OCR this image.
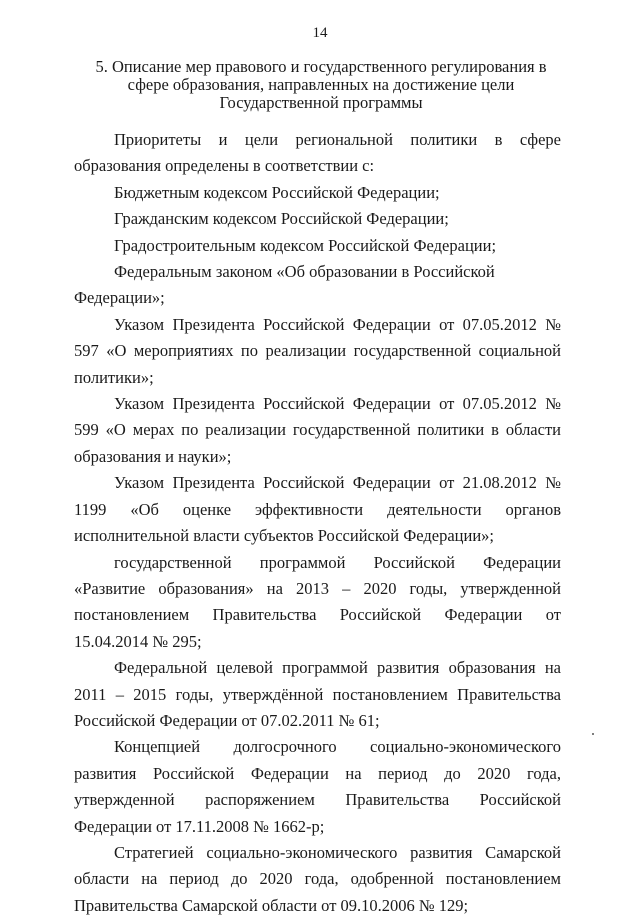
14
5. Описание мер правового и государственного регулирования в сфере образования, направленных на достижение цели Государственной программы

Приоритеты и цели региональной политики в сфере образования определены в соответствии с:

Бюджетным кодексом Российской Федерации;

Гражданским кодексом Российской Федерации;

Градостроительным кодексом Российской Федерации;

Федеральным законом «Об образовании в Российской Федерации»;

Указом Президента Российской Федерации от 07.05.2012 № 597 «О мероприятиях по реализации государственной социальной политики»;

Указом Президента Российской Федерации от 07.05.2012 № 599 «О мерах по реализации государственной политики в области образования и науки»;

Указом Президента Российской Федерации от 21.08.2012 № 1199 «Об оценке эффективности деятельности органов исполнительной власти субъектов Российской Федерации»;

государственной программой Российской Федерации «Развитие образования» на 2013 – 2020 годы, утвержденной постановлением Правительства Российской Федерации от 15.04.2014 № 295;

Федеральной целевой программой развития образования на 2011 – 2015 годы, утверждённой постановлением Правительства Российской Федерации от 07.02.2011 № 61;

Концепцией долгосрочного социально-экономического развития Российской Федерации на период до 2020 года, утвержденной распоряжением Правительства Российской Федерации от 17.11.2008 № 1662-р;

Стратегией социально-экономического развития Самарской области на период до 2020 года, одобренной постановлением Правительства Самарской области от 09.10.2006 № 129;
